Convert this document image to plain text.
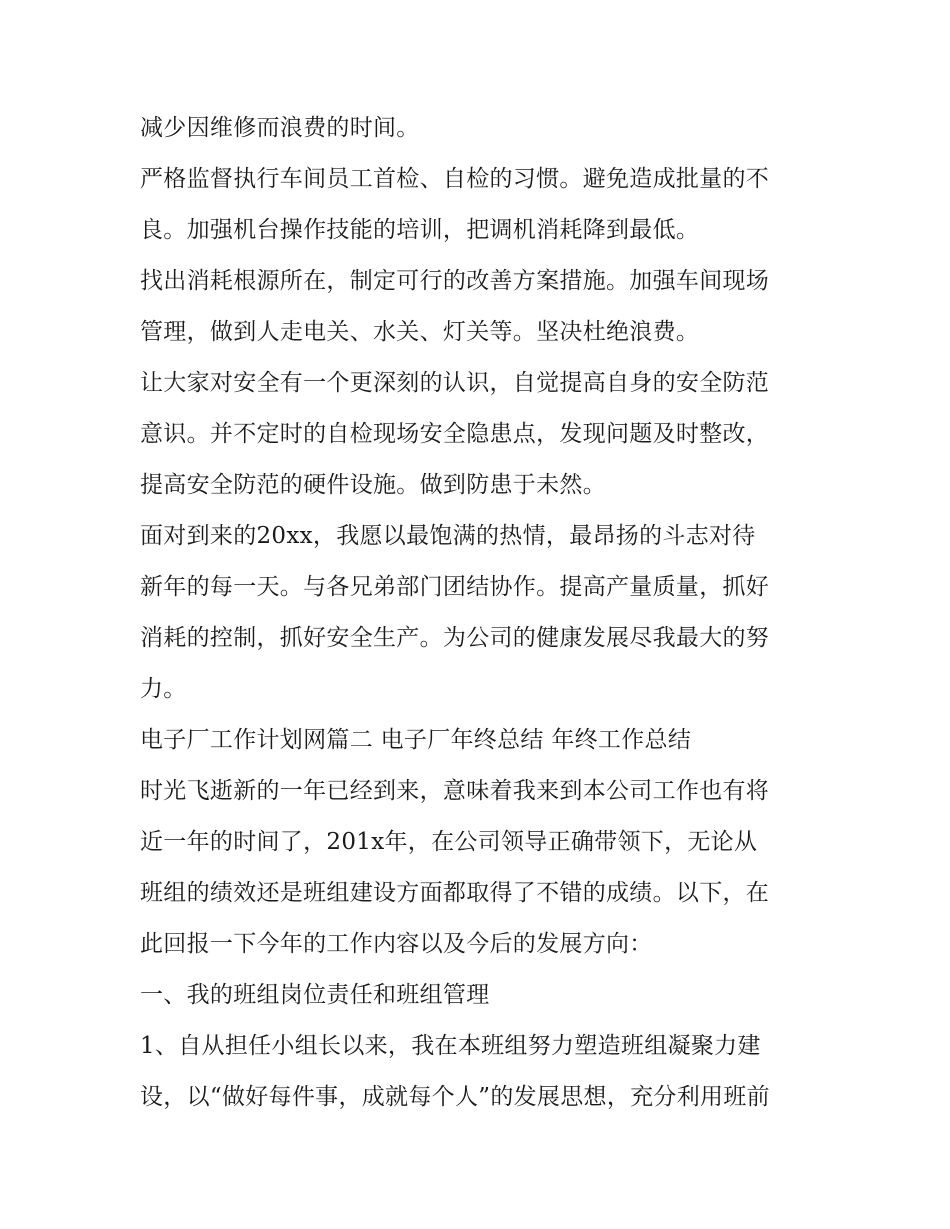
减少因维修而浪费的时间。
严格监督执行车间员工首检、自检的习惯。避免造成批量的不
良。加强机台操作技能的培训，把调机消耗降到最低。
找出消耗根源所在，制定可行的改善方案措施。加强车间现场
管理，做到人走电关、水关、灯关等。坚决杜绝浪费。
让大家对安全有一个更深刻的认识，自觉提高自身的安全防范
意识。并不定时的自检现场安全隐患点，发现问题及时整改，
提高安全防范的硬件设施。做到防患于未然。
面对到来的20xx，我愿以最饱满的热情，最昂扬的斗志对待
新年的每一天。与各兄弟部门团结协作。提高产量质量，抓好
消耗的控制，抓好安全生产。为公司的健康发展尽我最大的努
力。
电子厂工作计划网篇二 电子厂年终总结 年终工作总结
时光飞逝新的一年已经到来，意味着我来到本公司工作也有将
近一年的时间了，201x年，在公司领导正确带领下，无论从
班组的绩效还是班组建设方面都取得了不错的成绩。以下，在
此回报一下今年的工作内容以及今后的发展方向：
一、我的班组岗位责任和班组管理
1、自从担任小组长以来，我在本班组努力塑造班组凝聚力建
设，以“做好每件事，成就每个人”的发展思想，充分利用班前
